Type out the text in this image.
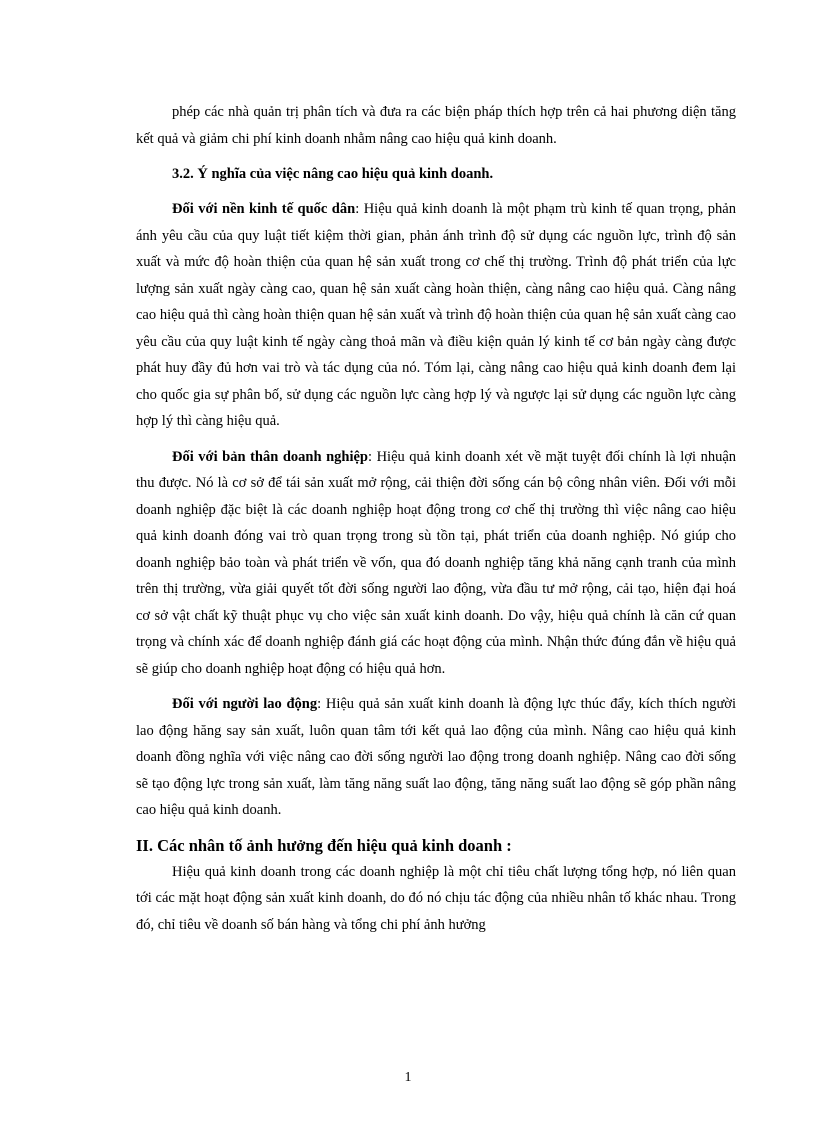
phép các nhà quản trị phân tích và đưa ra các biện pháp thích hợp trên cả hai phương diện tăng kết quả và giảm chi phí kinh doanh nhằm nâng cao hiệu quả kinh doanh.

3.2. Ý nghĩa của việc nâng cao hiệu quả kinh doanh.

Đối với nền kinh tế quốc dân: Hiệu quả kinh doanh là một phạm trù kinh tế quan trọng, phản ánh yêu cầu của quy luật tiết kiệm thời gian, phản ánh trình độ sử dụng các nguồn lực, trình độ sản xuất và mức độ hoàn thiện của quan hệ sản xuất trong cơ chế thị trường. Trình độ phát triển của lực lượng sản xuất ngày càng cao, quan hệ sản xuất càng hoàn thiện, càng nâng cao hiệu quả. Càng nâng cao hiệu quả thì càng hoàn thiện quan hệ sản xuất và trình độ hoàn thiện của quan hệ sản xuất càng cao yêu cầu của quy luật kinh tế ngày càng thoả mãn và điều kiện quản lý kinh tế cơ bản ngày càng được phát huy đầy đủ hơn vai trò và tác dụng của nó. Tóm lại, càng nâng cao hiệu quả kinh doanh đem lại cho quốc gia sự phân bố, sử dụng các nguồn lực càng hợp lý và ngược lại sử dụng các nguồn lực càng hợp lý thì càng hiệu quả.

Đối với bản thân doanh nghiệp: Hiệu quả kinh doanh xét về mặt tuyệt đối chính là lợi nhuận thu được. Nó là cơ sở để tái sản xuất mở rộng, cải thiện đời sống cán bộ công nhân viên. Đối với mỗi doanh nghiệp đặc biệt là các doanh nghiệp hoạt động trong cơ chế thị trường thì việc nâng cao hiệu quả kinh doanh đóng vai trò quan trọng trong sù tồn tại, phát triển của doanh nghiệp. Nó giúp cho doanh nghiệp bảo toàn và phát triển về vốn, qua đó doanh nghiệp tăng khả năng cạnh tranh của mình trên thị trường, vừa giải quyết tốt đời sống người lao động, vừa đầu tư mở rộng, cải tạo, hiện đại hoá cơ sở vật chất kỹ thuật phục vụ cho việc sản xuất kinh doanh. Do vậy, hiệu quả chính là căn cứ quan trọng và chính xác để doanh nghiệp đánh giá các hoạt động của mình. Nhận thức đúng đắn về hiệu quả sẽ giúp cho doanh nghiệp hoạt động có hiệu quả hơn.

Đối với người lao động: Hiệu quả sản xuất kinh doanh là động lực thúc đẩy, kích thích người lao động hăng say sản xuất, luôn quan tâm tới kết quả lao động của mình. Nâng cao hiệu quả kinh doanh đồng nghĩa với việc nâng cao đời sống người lao động trong doanh nghiệp. Nâng cao đời sống sẽ tạo động lực trong sản xuất, làm tăng năng suất lao động, tăng năng suất lao động sẽ góp phần nâng cao hiệu quả kinh doanh.

II. Các nhân tố ảnh hưởng đến hiệu quả kinh doanh :

Hiệu quả kinh doanh trong các doanh nghiệp là một chỉ tiêu chất lượng tổng hợp, nó liên quan tới các mặt hoạt động sản xuất kinh doanh, do đó nó chịu tác động của nhiều nhân tố khác nhau. Trong đó, chỉ tiêu về doanh số bán hàng và tổng chi phí ảnh hưởng

1
